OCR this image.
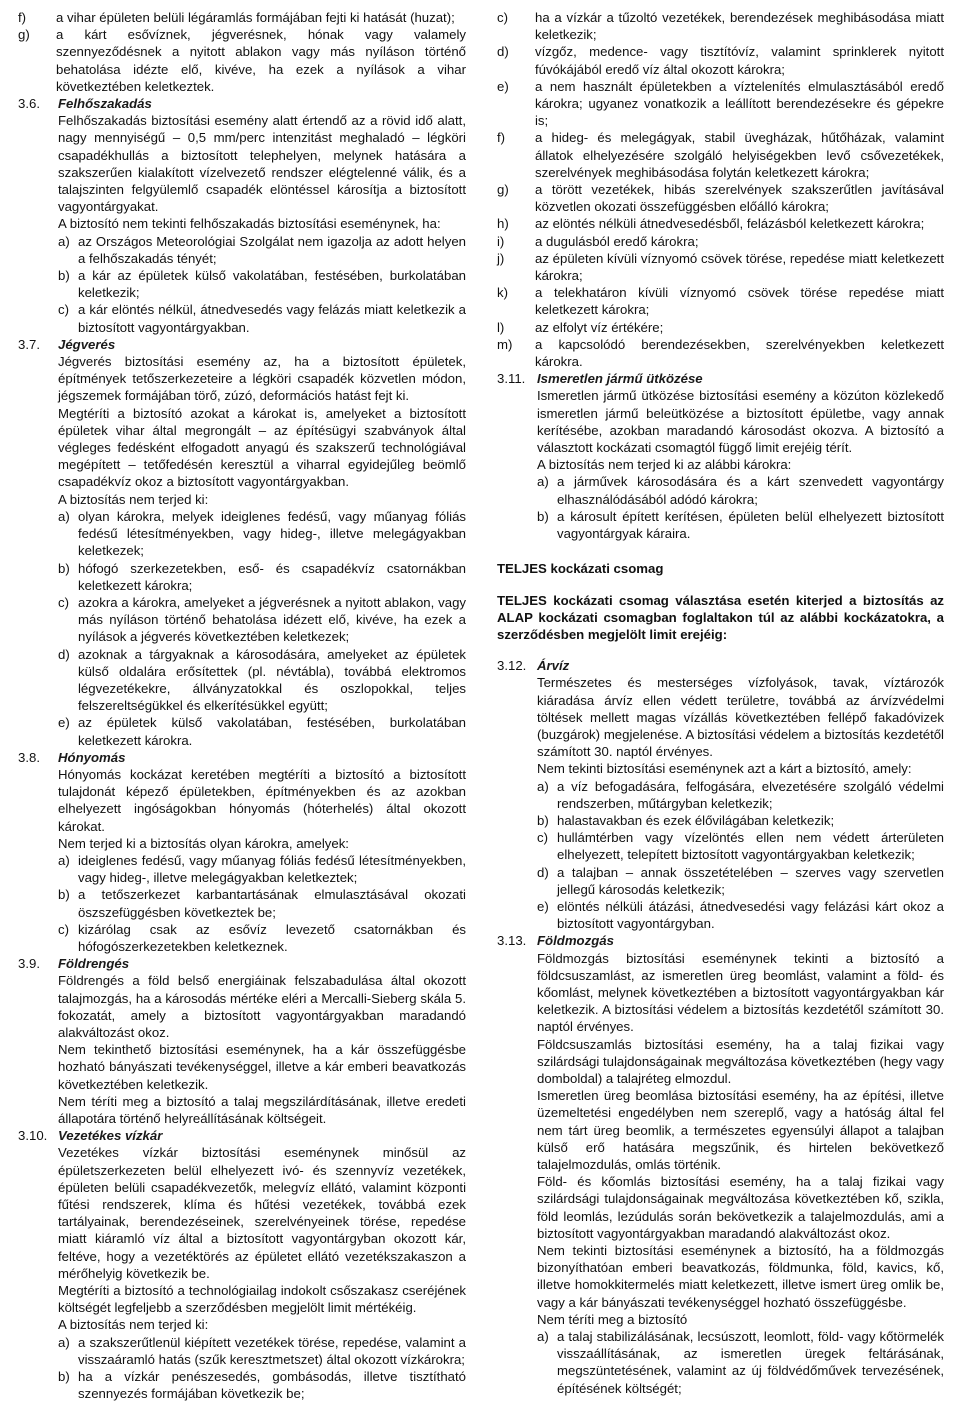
f) a vihar épületen belüli légáramlás formájában fejti ki hatását (huzat);
g) a kárt esővíznek, jégverésnek, hónak vagy valamely szennyeződésnek a nyitott ablakon vagy más nyíláson történő behatolása idézte elő, kivéve, ha ezek a nyílások a vihar következtében keletkeztek.
3.6.	Felhőszakadás
Felhőszakadás biztosítási esemény alatt értendő az a rövid idő alatt, nagy mennyiségű – 0,5 mm/perc intenzitást meghaladó – légköri csapadékhullás a biztosított telephelyen, melynek hatására a szakszerűen kialakított vízelvezető rendszer elégtelenné válik, és a talajszinten felgyülemlő csapadék elöntéssel károsítja a biztosított vagyontárgyakat.
A biztosító nem tekinti felhőszakadás biztosítási eseménynek, ha:
a) az Országos Meteorológiai Szolgálat nem igazolja az adott helyen a felhőszakadás tényét;
b) a kár az épületek külső vakolatában, festésében, burkolatában keletkezik;
c) a kár elöntés nélkül, átnedvesedés vagy felázás miatt keletkezik a biztosított vagyontárgyakban.
3.7.	Jégverés
Jégverés biztosítási esemény az, ha a biztosított épületek, építmények tetőszerkezeteire a légköri csapadék közvetlen módon, jégszemek formájában törő, zúzó, deformációs hatást fejt ki.
Megtéríti a biztosító azokat a károkat is, amelyeket a biztosított épületek vihar által megrongált – az építésügyi szabványok által végleges fedésként elfogadott anyagú és szakszerű technológiával megépített – tetőfedésén keresztül a viharral egyidejűleg beömlő csapadékvíz okoz a biztosított vagyontárgyakban.
A biztosítás nem terjed ki:
a) olyan károkra, melyek ideiglenes fedésű, vagy műanyag fóliás fedésű létesítményekben, vagy hideg-, illetve melegágyakban keletkezek;
b) hófogó szerkezetekben, eső- és csapadékvíz csatornákban keletkezett károkra;
c) azokra a károkra, amelyeket a jégverésnek a nyitott ablakon, vagy más nyíláson történő behatolása idézett elő, kivéve, ha ezek a nyílások a jégverés következtében keletkezek;
d) azoknak a tárgyaknak a károsodására, amelyeket az épületek külső oldalára erősítettek (pl. névtábla), továbbá elektromos légvezetékekre, állványzatokkal és oszlopokkal, teljes felszereltségükkel és elkerítésükkel együtt;
e) az épületek külső vakolatában, festésében, burkolatában keletkezett károkra.
3.8.	Hónyomás
Hónyomás kockázat keretében megtéríti a biztosító a biztosított tulajdonát képező épületekben, építményekben és az azokban elhelyezett ingóságokban hónyomás (hóterhelés) által okozott károkat.
Nem terjed ki a biztosítás olyan károkra, amelyek:
a) ideiglenes fedésű, vagy műanyag fóliás fedésű létesítményekben, vagy hideg-, illetve melegágyakban keletkeztek;
b) a tetőszerkezet karbantartásának elmulasztásával okozati öszszefüggésben következtek be;
c) kizárólag csak az esővíz levezető csatornákban és hófogószerkezetekben keletkeznek.
3.9.	Földrengés
Földrengés a föld belső energiáinak felszabadulása által okozott talajmozgás, ha a károsodás mértéke eléri a Mercalli-Sieberg skála 5. fokozatát, amely a biztosított vagyontárgyakban maradandó alakváltozást okoz.
Nem tekinthető biztosítási eseménynek, ha a kár összefüggésbe hozható bányászati tevékenységgel, illetve a kár emberi beavatkozás következtében keletkezik.
Nem téríti meg a biztosító a talaj megszilárdításának, illetve eredeti állapotára történő helyreállításának költségeit.
3.10. Vezetékes vízkár
Vezetékes vízkár biztosítási eseménynek minősül az épületszerkezeten belül elhelyezett ivó- és szennyvíz vezetékek, épületen belüli csapadékvezetők, melegvíz ellátó, valamint központi fűtési rendszerek, klíma és hűtési vezetékek, továbbá ezek tartályainak, berendezéseinek, szerelvényeinek törése, repedése miatt kiáramló víz által a biztosított vagyontárgyban okozott kár, feltéve, hogy a vezetéktörés az épületet ellátó vezetékszakaszon a mérőhelyig következik be.
Megtéríti a biztosító a technológiailag indokolt csőszakasz cseréjének költségét legfeljebb a szerződésben megjelölt limit mértékéig.
A biztosítás nem terjed ki:
a) a szakszerűtlenül kiépített vezetékek törése, repedése, valamint a visszaáramló hatás (szűk keresztmetszet) által okozott vízkárokra;
b) ha a vízkár penészesedés, gombásodás, illetve tisztítható szennyezés formájában következik be;
c) ha a vízkár a tűzoltó vezetékek, berendezések meghibásodása miatt keletkezik;
d) vízgőz, medence- vagy tisztítóvíz, valamint sprinklerek nyitott fúvókájából eredő víz által okozott károkra;
e) a nem használt épületekben a víztelenítés elmulasztásából eredő károkra; ugyanez vonatkozik a leállított berendezésekre és gépekre is;
f) a hideg- és melegágyak, stabil üvegházak, hűtőházak, valamint állatok elhelyezésére szolgáló helyiségekben levő csővezetékek, szerelvények meghibásodása folytán keletkezett károkra;
g) a törött vezetékek, hibás szerelvények szakszerűtlen javításával közvetlen okozati összefüggésben előálló károkra;
h) az elöntés nélküli átnedvesedésből, felázásból keletkezett károkra;
i) a dugulásból eredő károkra;
j) az épületen kívüli víznyomó csövek törése, repedése miatt keletkezett károkra;
k) a telekhatáron kívüli víznyomó csövek törése repedése miatt keletkezett károkra;
l) az elfolyt víz értékére;
m) a kapcsolódó berendezésekben, szerelvényekben keletkezett károkra.
3.11. Ismeretlen jármű ütközése
Ismeretlen jármű ütközése biztosítási esemény a közúton közlekedő ismeretlen jármű beleütközése a biztosított épületbe, vagy annak kerítésébe, azokban maradandó károsodást okozva. A biztosító a választott kockázati csomagtól függő limit erejéig térít.
A biztosítás nem terjed ki az alábbi károkra:
a) a járművek károsodására és a kárt szenvedett vagyontárgy elhasználódásából adódó károkra;
b) a károsult épített kerítésen, épületen belül elhelyezett biztosított vagyontárgyak káraira.
TELJES kockázati csomag
TELJES kockázati csomag választása esetén kiterjed a biztosítás az ALAP kockázati csomagban foglaltakon túl az alábbi kockázatokra, a szerződésben megjelölt limit erejéig:
3.12. Árvíz
Természetes és mesterséges vízfolyások, tavak, víztározók kiáradása árvíz ellen védett területre, továbbá az árvízvédelmi töltések mellett magas vízállás következtében fellépő fakadóvizek (buzgárok) megjelenése. A biztosítási védelem a biztosítás kezdetétől számított 30. naptól érvényes.
Nem tekinti biztosítási eseménynek azt a kárt a biztosító, amely:
a) a víz befogadására, felfogására, elvezetésére szolgáló védelmi rendszerben, műtárgyban keletkezik;
b) halastavakban és ezek élővilágában keletkezik;
c) hullámtérben vagy vízelöntés ellen nem védett árterületen elhelyezett, telepített biztosított vagyontárgyakban keletkezik;
d) a talajban – annak összetételében – szerves vagy szervetlen jellegű károsodás keletkezik;
e) elöntés nélküli átázási, átnedvesedési vagy felázási kárt okoz a biztosított vagyontárgyban.
3.13. Földmozgás
Földmozgás biztosítási eseménynek tekinti a biztosító a földcsuszamlást, az ismeretlen üreg beomlást, valamint a föld- és kőomlást, melynek következtében a biztosított vagyontárgyakban kár keletkezik. A biztosítási védelem a biztosítás kezdetétől számított 30. naptól érvényes.
Földcsuszamlás biztosítási esemény, ha a talaj fizikai vagy szilárdsági tulajdonságainak megváltozása következtében (hegy vagy domboldal) a talajréteg elmozdul.
Ismeretlen üreg beomlása biztosítási esemény, ha az építési, illetve üzemeltetési engedélyben nem szereplő, vagy a hatóság által fel nem tárt üreg beomlik, a természetes egyensúlyi állapot a talajban külső erő hatására megszűnik, és hirtelen bekövetkező talajelmozdulás, omlás történik.
Föld- és kőomlás biztosítási esemény, ha a talaj fizikai vagy szilárdsági tulajdonságainak megváltozása következtében kő, szikla, föld leomlás, lezúdulás során bekövetkezik a talajelmozdulás, ami a biztosított vagyontárgyakban maradandó alakváltozást okoz.
Nem tekinti biztosítási eseménynek a biztosító, ha a földmozgás bizonyíthatóan emberi beavatkozás, földmunka, föld, kavics, kő, illetve homokkitermelés miatt keletkezett, illetve ismert üreg omlik be, vagy a kár bányászati tevékenységgel hozható összefüggésbe.
Nem téríti meg a biztosító
a) a talaj stabilizálásának, lecsúszott, leomlott, föld- vagy kőtörmelék visszaállításának, az ismeretlen üregek feltárásának, megszüntetésének, valamint az új földvédőművek tervezésének, építésének költségét;
